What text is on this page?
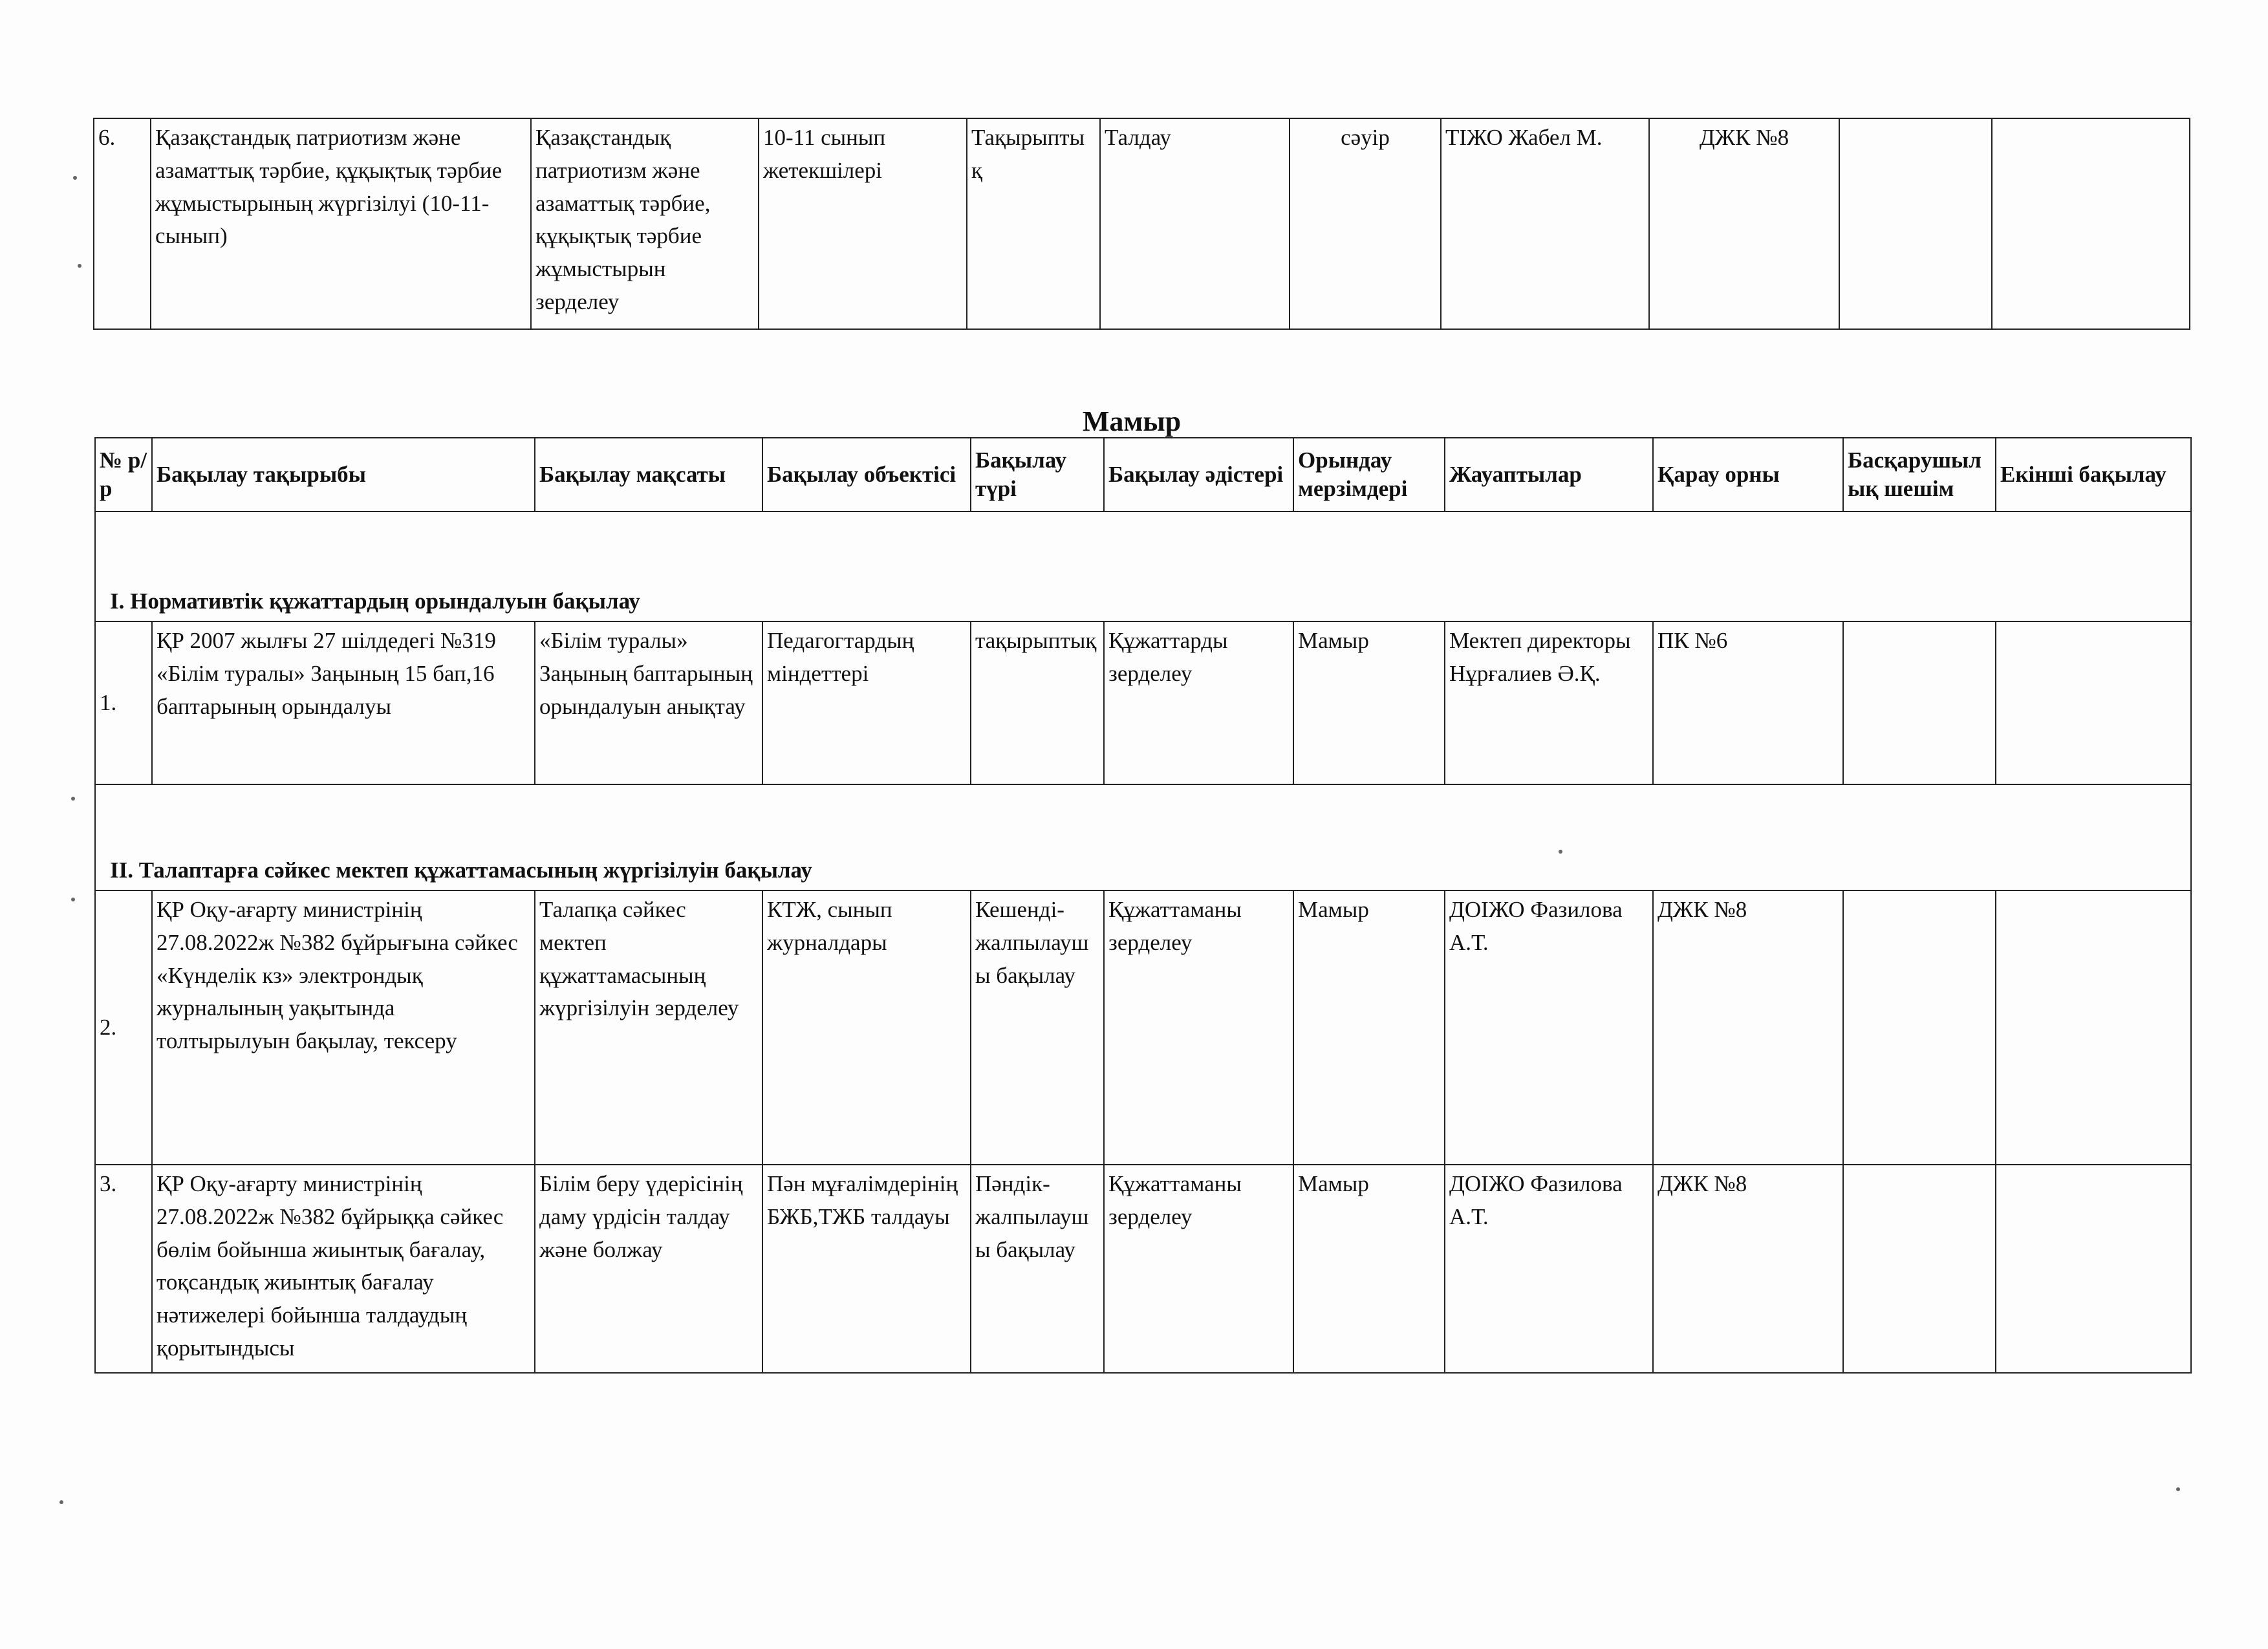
6.	Қазақстандық патриотизм және азаматтық тәрбие, құқықтық тәрбие жұмыстырының жүргізілуі (10-11-сынып)	Қазақстандық патриотизм және азаматтық тәрбие, құқықтық тәрбие жұмыстырын зерделеу	10-11 сынып жетекшілері	Тақырыптық	Талдау	сәуір	ТІЖО Жабел М.	ДЖК №8		
Мамыр
№ р/р	Бақылау тақырыбы	Бақылау мақсаты	Бақылау объектісі	Бақылау түрі	Бақылау әдістері	Орындау мерзімдері	Жауаптылар	Қарау орны	Басқарушылық шешім	Екінші бақылау
І. Нормативтік құжаттардың орындалуын бақылау										
1.	ҚР 2007 жылғы 27 шілдедегі №319 «Білім туралы» Заңының 15 бап,16 баптарының орындалуы	«Білім туралы» Заңының баптарының орындалуын анықтау	Педагогтардың міндеттері	тақырыптық	Құжаттарды зерделеу	Мамыр	Мектеп директоры Нұрғалиев Ә.Қ.	ПК №6		
ІІ. Талаптарға сәйкес мектеп құжаттамасының жүргізілуін бақылау										
2.	ҚР Оқу-ағарту министрінің 27.08.2022ж №382 бұйрығына сәйкес «Күнделік кз» электрондық журналының уақытында толтырылуын бақылау, тексеру	Талапқа сәйкес мектеп құжаттамасының жүргізілуін зерделеу	КТЖ, сынып журналдары	Кешенді-жалпылаушы бақылау	Құжаттаманы зерделеу	Мамыр	ДОІЖО Фазилова А.Т.	ДЖК №8		
3.	ҚР Оқу-ағарту министрінің 27.08.2022ж №382 бұйрыққа сәйкес бөлім бойынша жиынтық бағалау, тоқсандық жиынтық бағалау нәтижелері бойынша талдаудың қорытындысы	Білім беру үдерісінің даму үрдісін талдау және болжау	Пән мұғалімдерінің БЖБ,ТЖБ талдауы	Пәндік-жалпылаушы бақылау	Құжаттаманы зерделеу	Мамыр	ДОІЖО Фазилова А.Т.	ДЖК №8		
